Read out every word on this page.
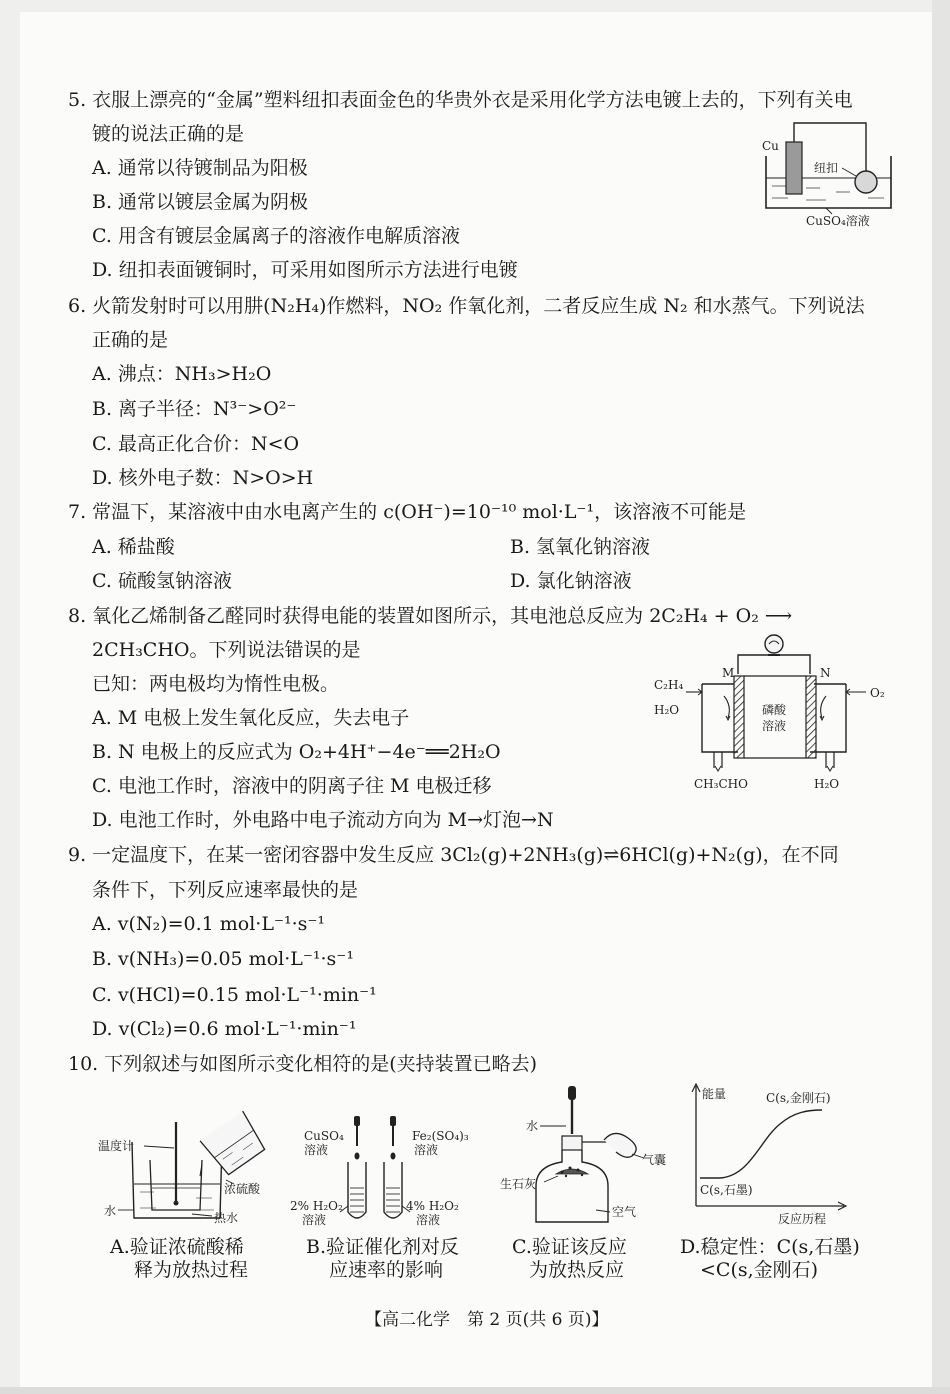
5. 衣服上漂亮的“金属”塑料纽扣表面金色的华贵外衣是采用化学方法电镀上去的，下列有关电
镀的说法正确的是
A. 通常以待镀制品为阳极
B. 通常以镀层金属为阴极
C. 用含有镀层金属离子的溶液作电解质溶液
D. 纽扣表面镀铜时，可采用如图所示方法进行电镀
Cu
纽扣
CuSO₄溶液
6. 火箭发射时可以用肼(N₂H₄)作燃料，NO₂ 作氧化剂，二者反应生成 N₂ 和水蒸气。下列说法
正确的是
A. 沸点：NH₃>H₂O
B. 离子半径：N³⁻>O²⁻
C. 最高正化合价：N<O
D. 核外电子数：N>O>H
7. 常温下，某溶液中由水电离产生的 c(OH⁻)=10⁻¹⁰ mol·L⁻¹，该溶液不可能是
A. 稀盐酸	B. 氢氧化钠溶液
C. 硫酸氢钠溶液	D. 氯化钠溶液
8. 氧化乙烯制备乙醛同时获得电能的装置如图所示，其电池总反应为 2C₂H₄ + O₂ ⟶
2CH₃CHO。下列说法错误的是
已知：两电极均为惰性电极。
A. M 电极上发生氧化反应，失去电子
B. N 电极上的反应式为 O₂+4H⁺−4e⁻══2H₂O
C. 电池工作时，溶液中的阴离子往 M 电极迁移
D. 电池工作时，外电路中电子流动方向为 M→灯泡→N
M	N
C₂H₄
H₂O	磷酸
溶液
O₂
CH₃CHO	H₂O
9. 一定温度下，在某一密闭容器中发生反应 3Cl₂(g)+2NH₃(g)⇌6HCl(g)+N₂(g)，在不同
条件下，下列反应速率最快的是
A. v(N₂)=0.1 mol·L⁻¹·s⁻¹
B. v(NH₃)=0.05 mol·L⁻¹·s⁻¹
C. v(HCl)=0.15 mol·L⁻¹·min⁻¹
D. v(Cl₂)=0.6 mol·L⁻¹·min⁻¹
10. 下列叙述与如图所示变化相符的是(夹持装置已略去)
温度计
浓硫酸
水	热水
A.验证浓硫酸稀
释为放热过程
CuSO₄
溶液
Fe₂(SO₄)₃
溶液
2% H₂O₂
溶液
4% H₂O₂
溶液
B.验证催化剂对反
应速率的影响
水
生石灰
气囊
空气
C.验证该反应
为放热反应
能量	C(s,金刚石)
C(s,石墨)
反应历程
D.稳定性：C(s,石墨)
<C(s,金刚石)
【高二化学　第 2 页(共 6 页)】
